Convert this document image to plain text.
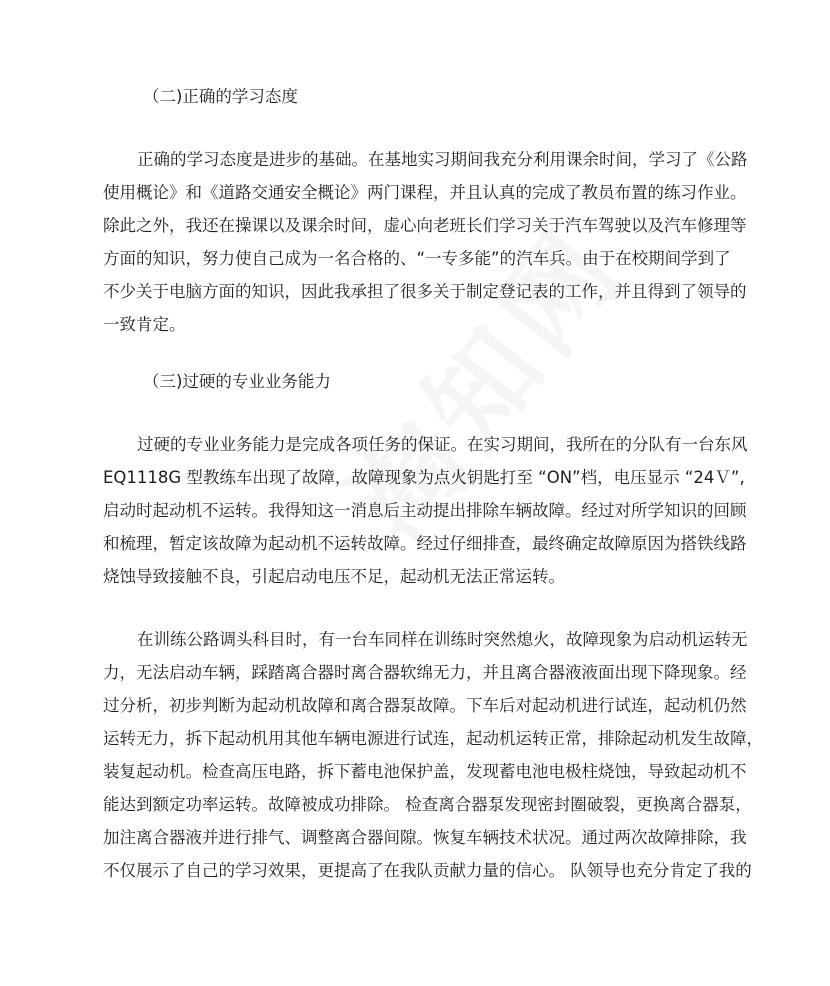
（二)正确的学习态度
正确的学习态度是进步的基础。在基地实习期间我充分利用课余时间，学习了《公路
使用概论》和《道路交通安全概论》两门课程，并且认真的完成了教员布置的练习作业。
除此之外，我还在操课以及课余时间，虚心向老班长们学习关于汽车驾驶以及汽车修理等
方面的知识，努力使自己成为一名合格的、“一专多能”的汽车兵。由于在校期间学到了
不少关于电脑方面的知识，因此我承担了很多关于制定登记表的工作，并且得到了领导的
一致肯定。
（三)过硬的专业业务能力
过硬的专业业务能力是完成各项任务的保证。在实习期间，我所在的分队有一台东风
EQ1118G 型教练车出现了故障，故障现象为点火钥匙打至 “ON”档，电压显示 “24Ｖ”,
启动时起动机不运转。我得知这一消息后主动提出排除车辆故障。经过对所学知识的回顾
和梳理，暂定该故障为起动机不运转故障。经过仔细排查，最终确定故障原因为搭铁线路
烧蚀导致接触不良，引起启动电压不足，起动机无法正常运转。
在训练公路调头科目时，有一台车同样在训练时突然熄火，故障现象为启动机运转无
力，无法启动车辆，踩踏离合器时离合器软绵无力，并且离合器液液面出现下降现象。经
过分析，初步判断为起动机故障和离合器泵故障。下车后对起动机进行试连，起动机仍然
运转无力，拆下起动机用其他车辆电源进行试连，起动机运转正常，排除起动机发生故障，
装复起动机。检查高压电路，拆下蓄电池保护盖，发现蓄电池电极柱烧蚀，导致起动机不
能达到额定功率运转。故障被成功排除。 检查离合器泵发现密封圈破裂，更换离合器泵，
加注离合器液并进行排气、调整离合器间隙。恢复车辆技术状况。通过两次故障排除，我
不仅展示了自己的学习效果，更提高了在我队贡献力量的信心。 队领导也充分肯定了我的
